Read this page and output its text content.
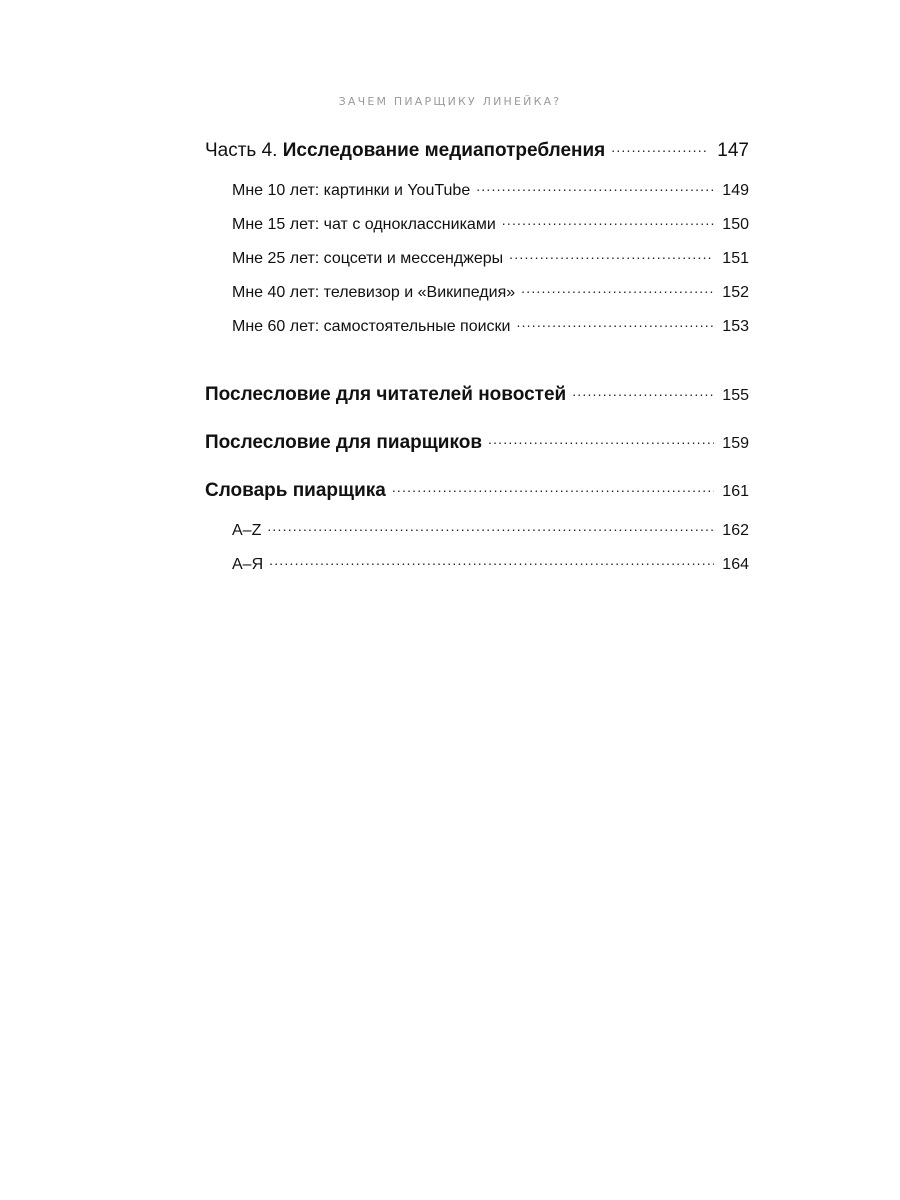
ЗАЧЕМ ПИАРЩИКУ ЛИНЕЙКА?
Часть 4. Исследование медиапотребления .....	147
Мне 10 лет: картинки и YouTube .....	149
Мне 15 лет: чат с одноклассниками .....	150
Мне 25 лет: соцсети и мессенджеры .....	151
Мне 40 лет: телевизор и «Википедия» .....	152
Мне 60 лет: самостоятельные поиски .....	153
Послесловие для читателей новостей .....	155
Послесловие для пиарщиков .....	159
Словарь пиарщика .....	161
A–Z .....	162
А–Я .....	164
